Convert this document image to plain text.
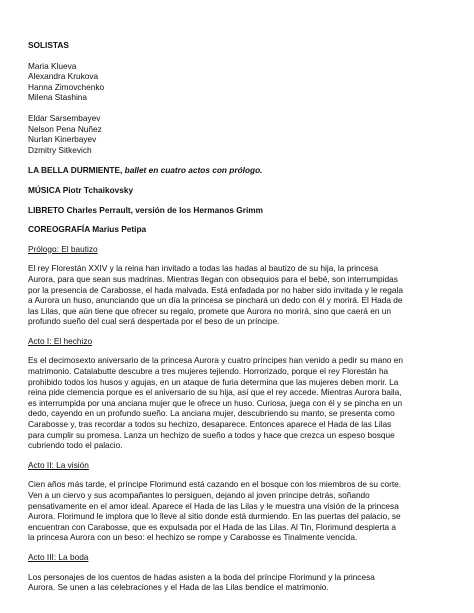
SOLISTAS
Maria Klueva
Alexandra Krukova
Hanna Zimovchenko
Milena Stashina
Eldar Sarsembayev
Nelson Pena Nuñez
Nurlan Kinerbayev
Dzmitry Sitkevich
LA BELLA DURMIENTE, ballet en cuatro actos con prólogo.
MÚSICA Piotr Tchaikovsky
LIBRETO Charles Perrault, versión de los Hermanos Grimm
COREOGRAFÍA Marius Petipa
Prólogo: El bautizo
El rey Florestán XXIV y la reina han invitado a todas las hadas al bautizo de su hija, la princesa
Aurora, para que sean sus madrinas. Mientras llegan con obsequios para el bebé, son interrumpidas
por la presencia de Carabosse, el hada malvada. Está enfadada por no haber sido invitada y le regala
a Aurora un huso, anunciando que un día la princesa se pinchará un dedo con él y morirá. El Hada de
las Lilas, que aún tiene que ofrecer su regalo, promete que Aurora no morirá, sino que caerá en un
profundo sueño del cual será despertada por el beso de un príncipe.
Acto I: El hechizo
Es el decimosexto aniversario de la princesa Aurora y cuatro príncipes han venido a pedir su mano en
matrimonio. Catalabutte descubre a tres mujeres tejiendo. Horrorizado, porque el rey Florestán ha
prohibido todos los husos y agujas, en un ataque de furia determina que las mujeres deben morir. La
reina pide clemencia porque es el aniversario de su hija, así que el rey accede. Mientras Aurora baila,
es interrumpida por una anciana mujer que le ofrece un huso. Curiosa, juega con él y se pincha en un
dedo, cayendo en un profundo sueño. La anciana mujer, descubriendo su manto, se presenta como
Carabosse y, tras recordar a todos su hechizo, desaparece. Entonces aparece el Hada de las Lilas
para cumplir su promesa. Lanza un hechizo de sueño a todos y hace que crezca un espeso bosque
cubriendo todo el palacio.
Acto II: La visión
Cien años más tarde, el príncipe Florimund está cazando en el bosque con los miembros de su corte.
Ven a un ciervo y sus acompañantes lo persiguen, dejando al joven príncipe detrás, soñando
pensativamente en el amor ideal. Aparece el Hada de las Lilas y le muestra una visión de la princesa
Aurora. Florimund le implora que lo lleve al sitio donde está durmiendo. En las puertas del palacio, se
encuentran con Carabosse, que es expulsada por el Hada de las Lilas. Al Tin, Florimund despierta a
la princesa Aurora con un beso: el hechizo se rompe y Carabosse es Tinalmente vencida.
Acto III: La boda
Los personajes de los cuentos de hadas asisten a la boda del príncipe Florimund y la princesa
Aurora. Se unen a las celebraciones y el Hada de las Lilas bendice el matrimonio.
